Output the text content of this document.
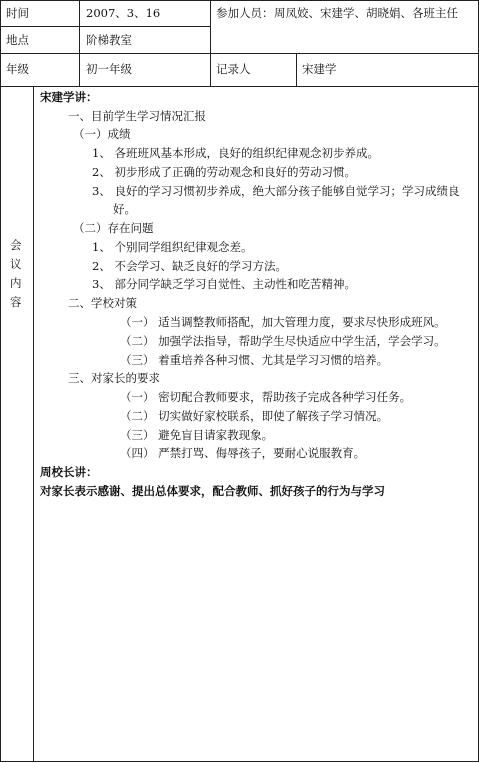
时间	2007、3、16	参加人员： 周凤姣、宋建学、胡晓娟、各班主任
地点	阶梯教室
年级	初一年级	记录人	宋建学
会
议
内
容
宋建学讲：
一、目前学生学习情况汇报
（一）成绩
1、 各班班风基本形成，良好的组织纪律观念初步养成。
2、 初步形成了正确的劳动观念和良好的劳动习惯。
3、 良好的学习习惯初步养成，绝大部分孩子能够自觉学习；学习成绩良好。
（二）存在问题
1、 个别同学组织纪律观念差。
2、 不会学习、缺乏良好的学习方法。
3、 部分同学缺乏学习自觉性、主动性和吃苦精神。
二、学校对策
（一） 适当调整教师搭配，加大管理力度，要求尽快形成班风。
（二） 加强学法指导，帮助学生尽快适应中学生活，学会学习。
（三） 着重培养各种习惯、尤其是学习习惯的培养。
三、对家长的要求
（一） 密切配合教师要求，帮助孩子完成各种学习任务。
（二） 切实做好家校联系，即使了解孩子学习情况。
（三） 避免盲目请家教现象。
（四） 严禁打骂、侮辱孩子，要耐心说服教育。
周校长讲：
对家长表示感谢、提出总体要求，配合教师、抓好孩子的行为与学习
